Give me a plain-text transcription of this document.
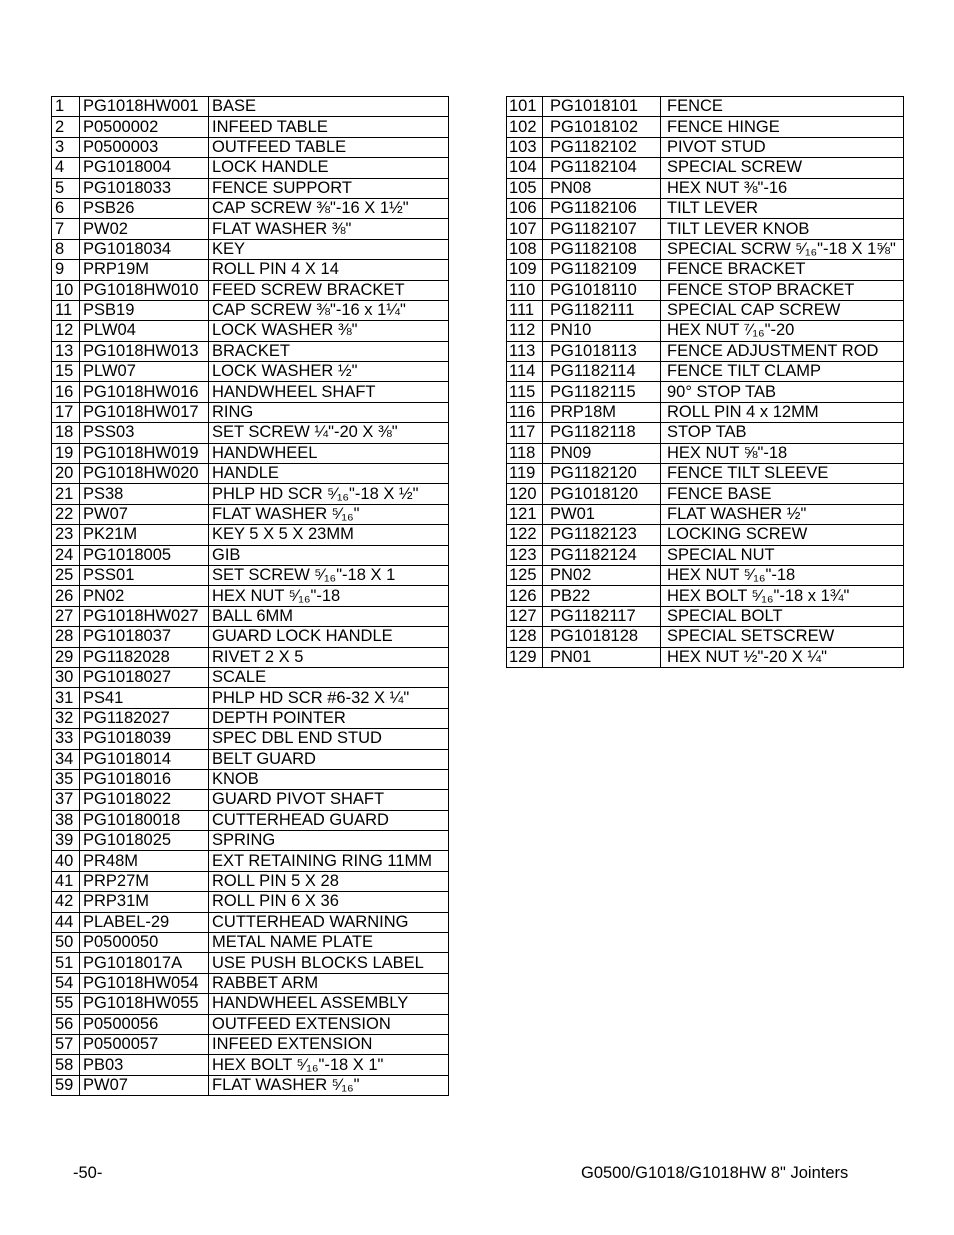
1	PG1018HW001	BASE
2	P0500002	INFEED TABLE
3	P0500003	OUTFEED TABLE
4	PG1018004	LOCK HANDLE
5	PG1018033	FENCE SUPPORT
6	PSB26	CAP SCREW ⅜"-16 X 1½"
7	PW02	FLAT WASHER ⅜"
8	PG1018034	KEY
9	PRP19M	ROLL PIN 4 X 14
10	PG1018HW010	FEED SCREW BRACKET
11	PSB19	CAP SCREW ⅜"-16 x 1¼"
12	PLW04	LOCK WASHER ⅜"
13	PG1018HW013	BRACKET
15	PLW07	LOCK WASHER ½"
16	PG1018HW016	HANDWHEEL SHAFT
17	PG1018HW017	RING
18	PSS03	SET SCREW ¼"-20 X ⅜"
19	PG1018HW019	HANDWHEEL
20	PG1018HW020	HANDLE
21	PS38	PHLP HD SCR ⁵⁄₁₆"-18 X ½"
22	PW07	FLAT WASHER ⁵⁄₁₆"
23	PK21M	KEY 5 X 5 X 23MM
24	PG1018005	GIB
25	PSS01	SET SCREW ⁵⁄₁₆"-18 X 1
26	PN02	HEX NUT ⁵⁄₁₆"-18
27	PG1018HW027	BALL 6MM
28	PG1018037	GUARD LOCK HANDLE
29	PG1182028	RIVET 2 X 5
30	PG1018027	SCALE
31	PS41	PHLP HD SCR #6-32 X ¼"
32	PG1182027	DEPTH POINTER
33	PG1018039	SPEC DBL END STUD
34	PG1018014	BELT GUARD
35	PG1018016	KNOB
37	PG1018022	GUARD PIVOT SHAFT
38	PG10180018	CUTTERHEAD GUARD
39	PG1018025	SPRING
40	PR48M	EXT RETAINING RING 11MM
41	PRP27M	ROLL PIN 5 X 28
42	PRP31M	ROLL PIN 6 X 36
44	PLABEL-29	CUTTERHEAD WARNING
50	P0500050	METAL NAME PLATE
51	PG1018017A	USE PUSH BLOCKS LABEL
54	PG1018HW054	RABBET ARM
55	PG1018HW055	HANDWHEEL ASSEMBLY
56	P0500056	OUTFEED EXTENSION
57	P0500057	INFEED EXTENSION
58	PB03	HEX BOLT ⁵⁄₁₆"-18 X 1"
59	PW07	FLAT WASHER ⁵⁄₁₆"
101	PG1018101	FENCE
102	PG1018102	FENCE HINGE
103	PG1182102	PIVOT STUD
104	PG1182104	SPECIAL SCREW
105	PN08	HEX NUT ⅜"-16
106	PG1182106	TILT LEVER
107	PG1182107	TILT LEVER KNOB
108	PG1182108	SPECIAL SCRW ⁵⁄₁₆"-18 X 1⅝"
109	PG1182109	FENCE BRACKET
110	PG1018110	FENCE STOP BRACKET
111	PG1182111	SPECIAL CAP SCREW
112	PN10	HEX NUT ⁷⁄₁₆"-20
113	PG1018113	FENCE ADJUSTMENT ROD
114	PG1182114	FENCE TILT CLAMP
115	PG1182115	90° STOP TAB
116	PRP18M	ROLL PIN 4 x 12MM
117	PG1182118	STOP TAB
118	PN09	HEX NUT ⅝"-18
119	PG1182120	FENCE TILT SLEEVE
120	PG1018120	FENCE BASE
121	PW01	FLAT WASHER ½"
122	PG1182123	LOCKING SCREW
123	PG1182124	SPECIAL NUT
125	PN02	HEX NUT ⁵⁄₁₆"-18
126	PB22	HEX BOLT ⁵⁄₁₆"-18 x 1¾"
127	PG1182117	SPECIAL BOLT
128	PG1018128	SPECIAL SETSCREW
129	PN01	HEX NUT ½"-20 X ¼"
-50-	G0500/G1018/G1018HW 8" Jointers
